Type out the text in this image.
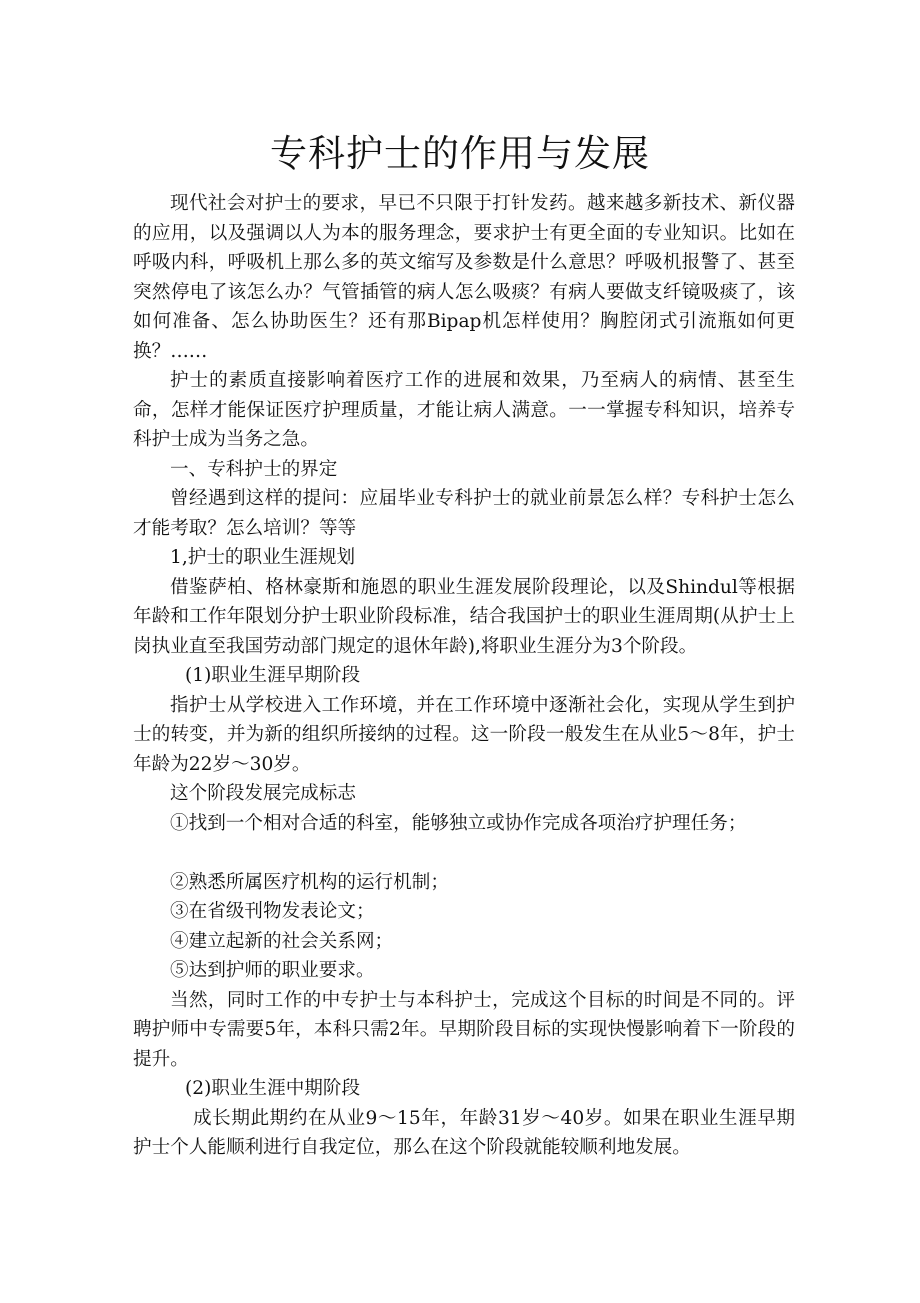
专科护士的作用与发展

现代社会对护士的要求，早已不只限于打针发药。越来越多新技术、新仪器的应用，以及强调以人为本的服务理念，要求护士有更全面的专业知识。比如在呼吸内科，呼吸机上那么多的英文缩写及参数是什么意思？呼吸机报警了、甚至突然停电了该怎么办？气管插管的病人怎么吸痰？有病人要做支纤镜吸痰了，该如何准备、怎么协助医生？还有那Bipap机怎样使用？胸腔闭式引流瓶如何更换？……

护士的素质直接影响着医疗工作的进展和效果，乃至病人的病情、甚至生命，怎样才能保证医疗护理质量，才能让病人满意。一一掌握专科知识，培养专科护士成为当务之急。

一、专科护士的界定

曾经遇到这样的提问：应届毕业专科护士的就业前景怎么样？专科护士怎么才能考取？怎么培训？等等

1,护士的职业生涯规划

借鉴萨柏、格林豪斯和施恩的职业生涯发展阶段理论，以及Shindul等根据年龄和工作年限划分护士职业阶段标准，结合我国护士的职业生涯周期(从护士上岗执业直至我国劳动部门规定的退休年龄),将职业生涯分为3个阶段。

(1)职业生涯早期阶段

指护士从学校进入工作环境，并在工作环境中逐渐社会化，实现从学生到护士的转变，并为新的组织所接纳的过程。这一阶段一般发生在从业5～8年，护士年龄为22岁～30岁。

这个阶段发展完成标志

①找到一个相对合适的科室，能够独立或协作完成各项治疗护理任务；

②熟悉所属医疗机构的运行机制；

③在省级刊物发表论文；

④建立起新的社会关系网；

⑤达到护师的职业要求。

当然，同时工作的中专护士与本科护士，完成这个目标的时间是不同的。评聘护师中专需要5年，本科只需2年。早期阶段目标的实现快慢影响着下一阶段的提升。

(2)职业生涯中期阶段

成长期此期约在从业9～15年，年龄31岁～40岁。如果在职业生涯早期护士个人能顺利进行自我定位，那么在这个阶段就能较顺利地发展。
